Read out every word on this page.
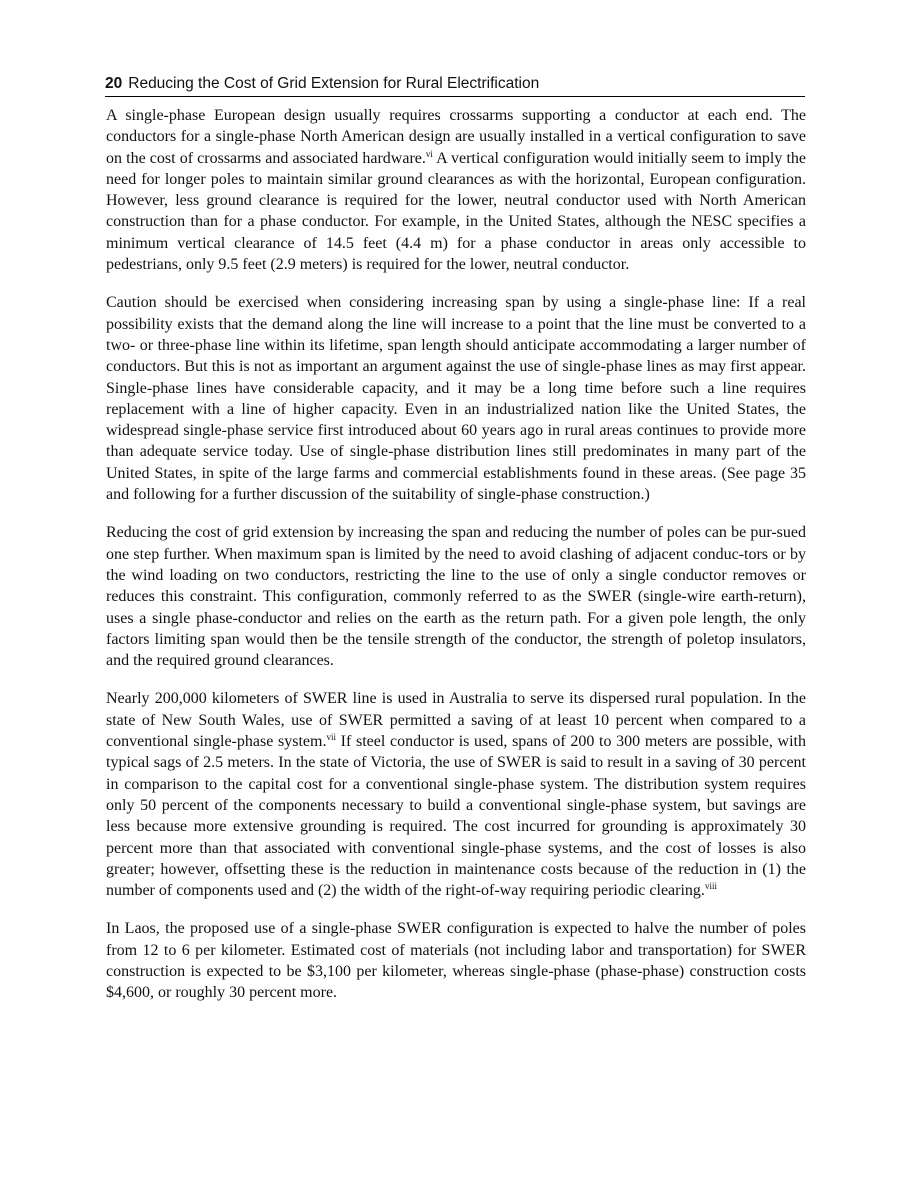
20 Reducing the Cost of Grid Extension for Rural Electrification

A single-phase European design usually requires crossarms supporting a conductor at each end. The conductors for a single-phase North American design are usually installed in a vertical configuration to save on the cost of crossarms and associated hardware.$^{vi}$ A vertical configuration would initially seem to imply the need for longer poles to maintain similar ground clearances as with the horizontal, European configuration. However, less ground clearance is required for the lower, neutral conductor used with North American construction than for a phase conductor. For example, in the United States, although the NESC specifies a minimum vertical clearance of 14.5 feet (4.4 m) for a phase conductor in areas only accessible to pedestrians, only 9.5 feet (2.9 meters) is required for the lower, neutral conductor.

Caution should be exercised when considering increasing span by using a single-phase line: If a real possibility exists that the demand along the line will increase to a point that the line must be converted to a two- or three-phase line within its lifetime, span length should anticipate accommodating a larger number of conductors. But this is not as important an argument against the use of single-phase lines as may first appear. Single-phase lines have considerable capacity, and it may be a long time before such a line requires replacement with a line of higher capacity. Even in an industrialized nation like the United States, the widespread single-phase service first introduced about 60 years ago in rural areas continues to provide more than adequate service today. Use of single-phase distribution lines still predominates in many part of the United States, in spite of the large farms and commercial establishments found in these areas. (See page 35 and following for a further discussion of the suitability of single-phase construction.)

Reducing the cost of grid extension by increasing the span and reducing the number of poles can be pur-sued one step further. When maximum span is limited by the need to avoid clashing of adjacent conduc-tors or by the wind loading on two conductors, restricting the line to the use of only a single conductor removes or reduces this constraint. This configuration, commonly referred to as the SWER (single-wire earth-return), uses a single phase-conductor and relies on the earth as the return path. For a given pole length, the only factors limiting span would then be the tensile strength of the conductor, the strength of poletop insulators, and the required ground clearances.

Nearly 200,000 kilometers of SWER line is used in Australia to serve its dispersed rural population. In the state of New South Wales, use of SWER permitted a saving of at least 10 percent when compared to a conventional single-phase system.$^{vii}$ If steel conductor is used, spans of 200 to 300 meters are possible, with typical sags of 2.5 meters. In the state of Victoria, the use of SWER is said to result in a saving of 30 percent in comparison to the capital cost for a conventional single-phase system. The distribution system requires only 50 percent of the components necessary to build a conventional single-phase system, but savings are less because more extensive grounding is required. The cost incurred for grounding is approximately 30 percent more than that associated with conventional single-phase systems, and the cost of losses is also greater; however, offsetting these is the reduction in maintenance costs because of the reduction in (1) the number of components used and (2) the width of the right-of-way requiring periodic clearing.$^{viii}$

In Laos, the proposed use of a single-phase SWER configuration is expected to halve the number of poles from 12 to 6 per kilometer. Estimated cost of materials (not including labor and transportation) for SWER construction is expected to be $3,100 per kilometer, whereas single-phase (phase-phase) construction costs $4,600, or roughly 30 percent more.
